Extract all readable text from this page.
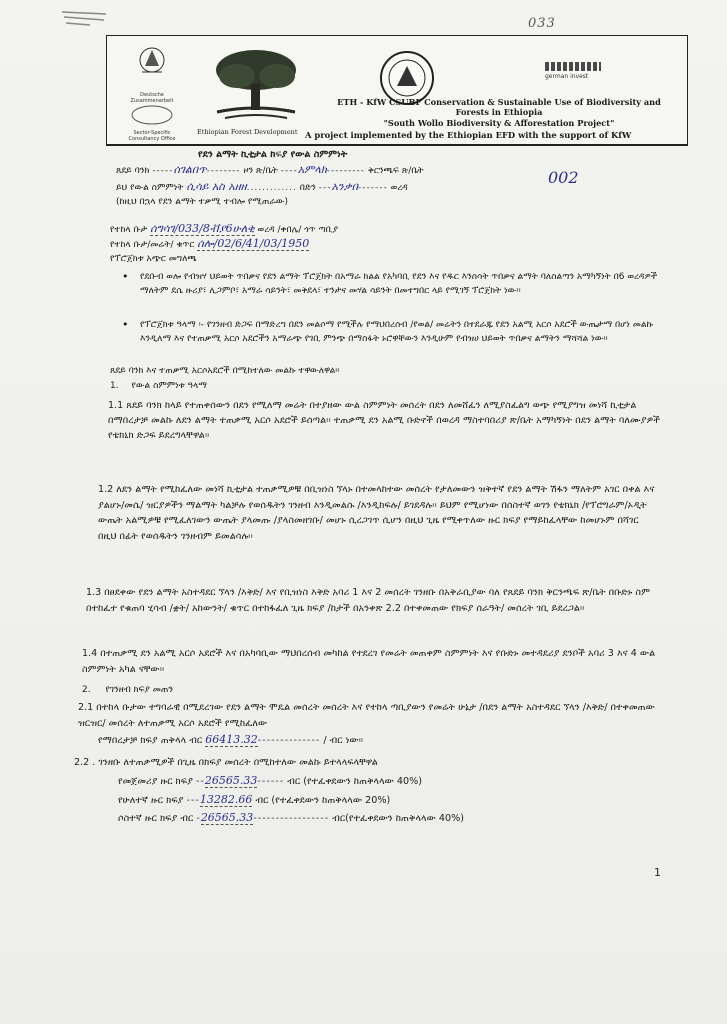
033
Deutsche Zusammenarbeit
Sector-Specific Consultancy Office
german invest
ETH - KfW CSUBF Conservation & Sustainable Use of Biodiversity and
Forests in Ethiopia
"South Wollo Biodiversity & Afforestation Project"
Ethiopian Forest Development A project implemented by the Ethiopian EFD with the support of KfW
የደን ልማት ኪቲታል ክፍያ የውል ስምምነት
ጸደይ ባንክ -----ሰገልበጥ-------- ዞን ጽ/ቤት ----አምላክ--------- ቅርንጫፍ ጽ/ቤት	002
ይህ የውል ስምምነት ሲሳይ አስ አዘዘ............. በድን ---አንቃበ------- ወረዳ
(ከዚህ በኋላ የደን ልማት ተቃሚ ተብሎ የሚጠራው)
የተከላ ቡታ ሰግሳገ/033/8ቭያ6ሁለቂ ወረዳ /ቀበሌ/ ጎጥ ጣቢያ
የተከላ ቡታ/መሬት/ ቁጥር ሰሎ/02/6/41/03/1950
የፕሮጀክቱ አጭር መግለጫ
• የደቡብ ወሎ የብዝሃ ህይወት ጥበቃና የደን ልማት ፕሮጀክት በአማራ ክልል የአካባቢ የደን እና የዱር እንስሳት ጥበቃና ልማት ባለስልጣን አማካኝነት በ6 ወረዳዎች ማለትም ደሴ ዙሪያ፣ ሊጋምቦ፣ አማራ ሳይንት፣ መቅደላ፣ ተንታና መሃል ሳይንት በመተግበር ላይ የሚገኝ ፕሮጀክት ነው፡፡
• የፕሮጀክቱ ዓላማ ፡- የገንዘብ ድጋፍ በማድረግ በደን መልሶማ የሚችሉ የማህበረሰብ /የወል/ መሬትን በተደራጁ የደን አልሚ አርሶ አደሮች ውጤታማ በሆነ መልኩ እንዲለማ እና የተጠቃሚ አርሶ አደሮችን አማራጭ የገቢ ምንጭ በማስፋት ኑሮዋቸውን እንዲሁም የብዝሀ ህይወት ጥበቃና ልማትን ማሻሻል ነው፡፡
ጸደይ ባንክ እና ተጠቃሚ አርሶአደሮች በሚከተለው መልኩ ተዋውለዋል፡፡
1. የውል ስምምነቱ ዓላማ
1.1 ጸደይ ባንክ ከላይ የተጠቀሰውን በደን የሚለማ መሬት በተያዘው ውል ስምምነት መሰረት በደን ለመሸፈን ለሚያስፈልግ ወጭ የሚያግዝ መነሻ ኪቲታል በማበረታቻ መልኩ ለደን ልማት ተጠቃሚ አርሶ አደሮች ይሰጣል፡፡ ተጠቃሚ ደን አልሚ ቡድኖች በወረዳ ማስተባበሪያ ጽ/ቤት አማካኝነት በደን ልማት ባለሙያዎች የቴክኒክ ድጋፍ ይደረግላቸዋል፡፡
1.2 ለደን ልማት የሚከፈለው መነሻ ኪቲታል ተጠቃሚዎቹ በቢዝነስ ኘላኑ በተመላከተው መሰረት የታለመውን ዝቅተኛ የደን ልማት ሽፋን ማለትም አገር በቀል እና ያልሆኑ/መሴ/ ዝርያዎችን ማልማት ካልቻሉ የወሰዱትን ገንዘብ እንዲመልሱ /እንዲከፍሉ/ ይገደዳሉ፡፡ ይህም የሚሆነው በሰስተኛ ወገን የቴክኒክ /የፕሮግራም/ኦዲት ውጤት አልሚዎቹ የሚፈለገውን ውጤት ያላመጡ /ያላስመዘገቡ/ መሆኑ ሲረጋገጥ ሲሆን በዚህ ጊዜ የሚቀጥለው ዙር ክፍያ የማይከፈላቸው ከመሆኑም በሻገር በዚህ በፊት የወሰዱትን ገንዘብም ይመልሳሉ፡፡
1.3 በፀደቀው የደን ልማት አስተዳደር ኘላን /እቅድ/ እና የቢዝነስ እቅድ አባሪ 1 እና 2 መሰረት ገንዘቡ በአቅራቢያው ባለ የጸደይ ባንክ ቅርንጫፍ ጽ/ቤት በቡድኑ ስም በተከፈተ የቁጠባ ሂሳብ /ቋት/ አከውንት/ ቁጥር በተከፋፈለ ጊዜ ክፍያ /ከታች በአንቀጽ 2.2 በተቀመጠው የክፍያ ሰራዓት/ መሰረት ገቢ ይደረጋል፡፡
1.4 በተጠቃሚ ደን አልሚ አርሶ አደሮች እና በአካባቢው ማህበረሰብ መካከል የተደረገ የመሬት መጠቀም ስምምነት እና የቡድኑ መተዳደሪያ ደንቦች አባሪ 3 እና 4 ውል ስምምነት አካል ናቸው፡፡
2. የገንዘብ ክፍያ መጠን
2.1 በተከላ ቡታው ተግባራዊ በሚደረገው የደን ልማት ሞዴል መሰረት መሰረት እና የተከላ ጣቢያውን የመሬት ሁኔታ /በደን ልማት አስተዳደር ኘላን /እቅድ/ በተቀመጠው ዝርዝር/ መሰረት ለተጠቃሚ አርሶ አደሮች የሚከፈለው
የማበረታቻ ክፍያ ጠቅላላ ብር 66413.32-------------- / ብር ነው፡፡
2.2 . ገንዘቡ ለተጠቃሚዎች በጊዜ በክፍያ መሰረት በሚከተለው መልኩ ይተላላፍላቸዋል
የመጀመሪያ ዙር ክፍያ --26565.33------ ብር (የተፈቀደውን ከጠቅላላው 40%)
የሁለተኛ ዙር ክፍያ ---13282.66 ብር (የተፈቀደውን ከጠቅላላው 20%)
ሶስተኛ ዙር ክፍያ ብር -26565.33----------------- ብር(የተፈቀደውን ከጠቅላላው 40%)
1
